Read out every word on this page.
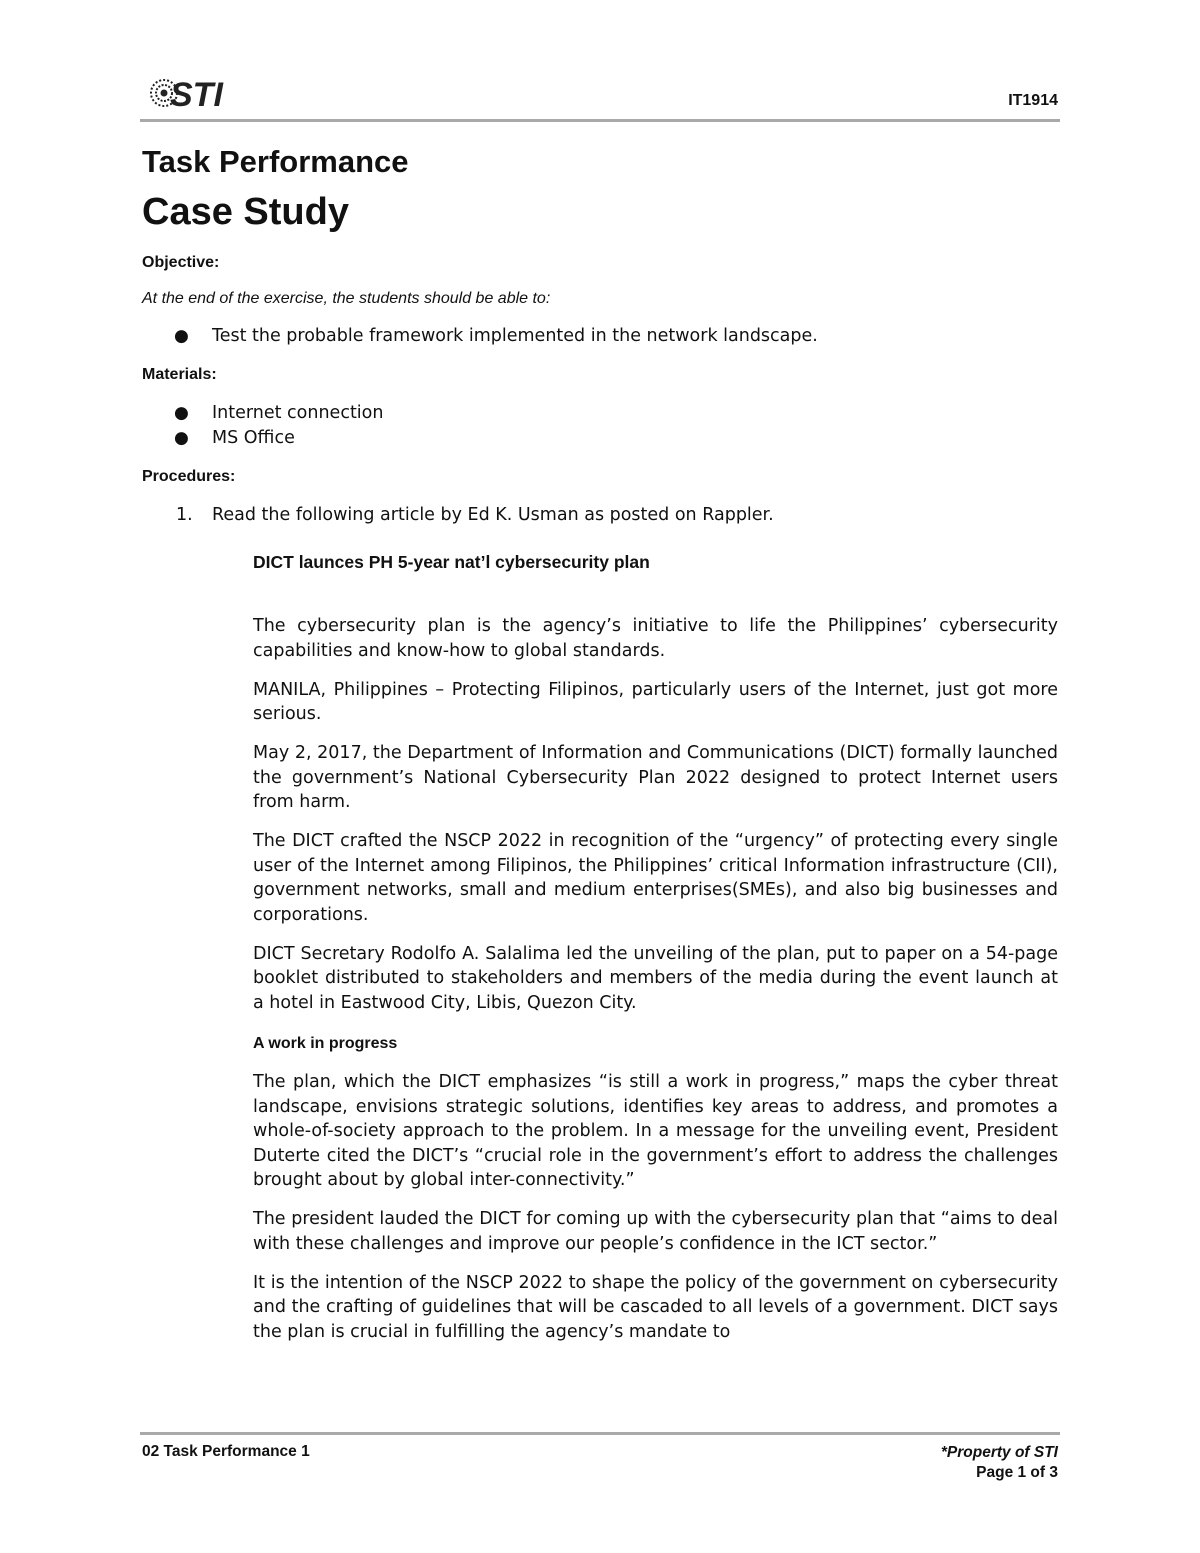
STI	IT1914
Task Performance
Case Study

Objective:

At the end of the exercise, the students should be able to:

● Test the probable framework implemented in the network landscape.

Materials:

● Internet connection
● MS Office

Procedures:

1. Read the following article by Ed K. Usman as posted on Rappler.

DICT launces PH 5-year nat’l cybersecurity plan

The cybersecurity plan is the agency’s initiative to life the Philippines’ cybersecurity capabilities and know-how to global standards.

MANILA, Philippines – Protecting Filipinos, particularly users of the Internet, just got more serious.

May 2, 2017, the Department of Information and Communications (DICT) formally launched the government’s National Cybersecurity Plan 2022 designed to protect Internet users from harm.

The DICT crafted the NSCP 2022 in recognition of the “urgency” of protecting every single user of the Internet among Filipinos, the Philippines’ critical Information infrastructure (CII), government networks, small and medium enterprises(SMEs), and also big businesses and corporations.

DICT Secretary Rodolfo A. Salalima led the unveiling of the plan, put to paper on a 54-page booklet distributed to stakeholders and members of the media during the event launch at a hotel in Eastwood City, Libis, Quezon City.

A work in progress

The plan, which the DICT emphasizes “is still a work in progress,” maps the cyber threat landscape, envisions strategic solutions, identifies key areas to address, and promotes a whole-of-society approach to the problem. In a message for the unveiling event, President Duterte cited the DICT’s “crucial role in the government’s effort to address the challenges brought about by global inter-connectivity.”

The president lauded the DICT for coming up with the cybersecurity plan that “aims to deal with these challenges and improve our people’s confidence in the ICT sector.”

It is the intention of the NSCP 2022 to shape the policy of the government on cybersecurity and the crafting of guidelines that will be cascaded to all levels of a government. DICT says the plan is crucial in fulfilling the agency’s mandate to

02 Task Performance 1	*Property of STI
Page 1 of 3
